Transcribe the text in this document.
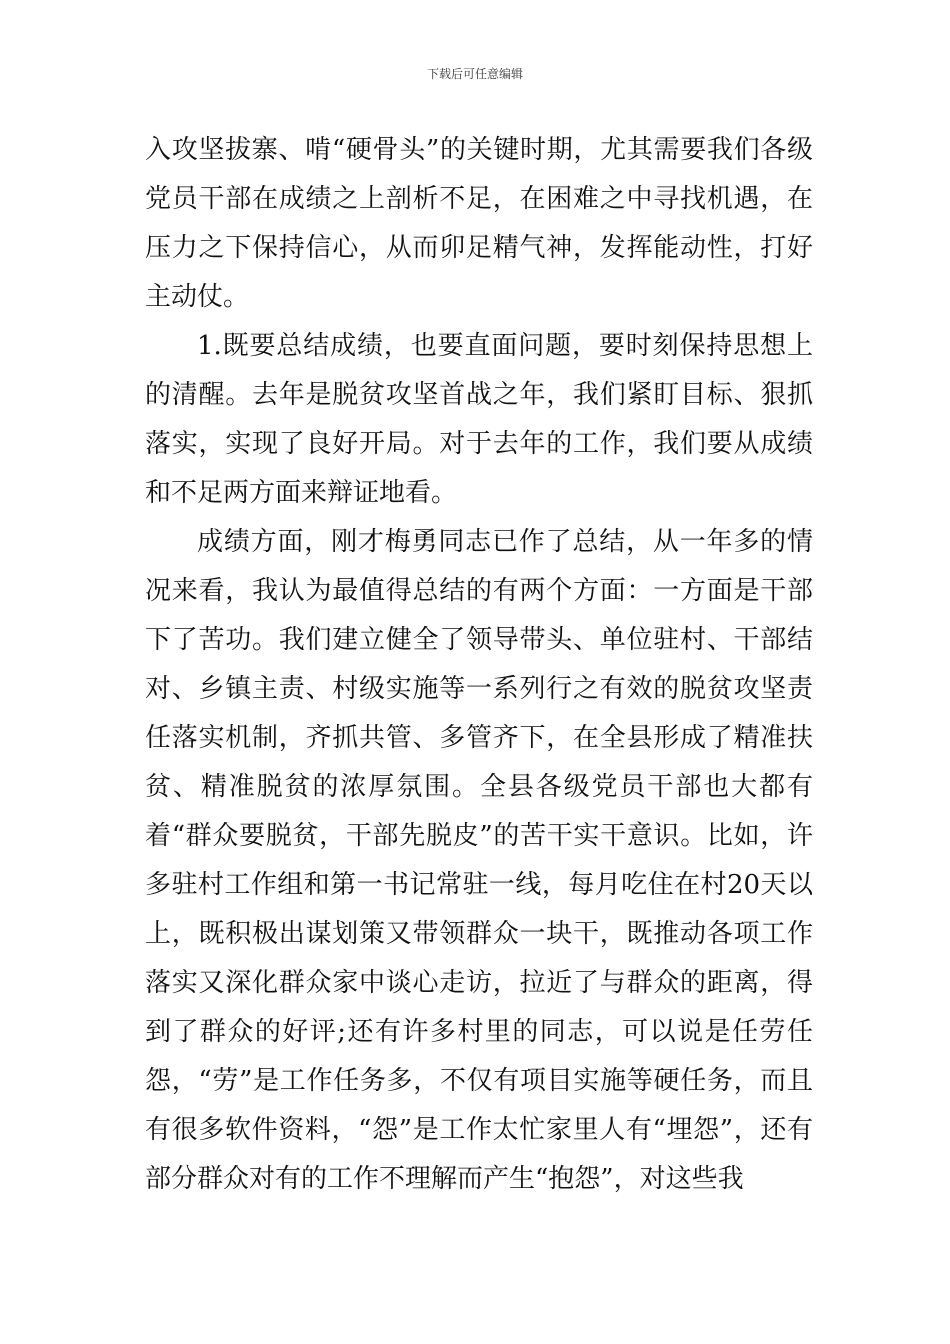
下载后可任意编辑

入攻坚拔寨、啃“硬骨头”的关键时期，尤其需要我们各级党员干部在成绩之上剖析不足，在困难之中寻找机遇，在压力之下保持信心，从而卯足精气神，发挥能动性，打好主动仗。

1.既要总结成绩，也要直面问题，要时刻保持思想上的清醒。去年是脱贫攻坚首战之年，我们紧盯目标、狠抓落实，实现了良好开局。对于去年的工作，我们要从成绩和不足两方面来辩证地看。

成绩方面，刚才梅勇同志已作了总结，从一年多的情况来看，我认为最值得总结的有两个方面：一方面是干部下了苦功。我们建立健全了领导带头、单位驻村、干部结对、乡镇主责、村级实施等一系列行之有效的脱贫攻坚责任落实机制，齐抓共管、多管齐下，在全县形成了精准扶贫、精准脱贫的浓厚氛围。全县各级党员干部也大都有着“群众要脱贫，干部先脱皮”的苦干实干意识。比如，许多驻村工作组和第一书记常驻一线，每月吃住在村20天以上，既积极出谋划策又带领群众一块干，既推动各项工作落实又深化群众家中谈心走访，拉近了与群众的距离，得到了群众的好评;还有许多村里的同志，可以说是任劳任怨，“劳”是工作任务多，不仅有项目实施等硬任务，而且有很多软件资料，“怨”是工作太忙家里人有“埋怨”，还有部分群众对有的工作不理解而产生“抱怨”，对这些我
